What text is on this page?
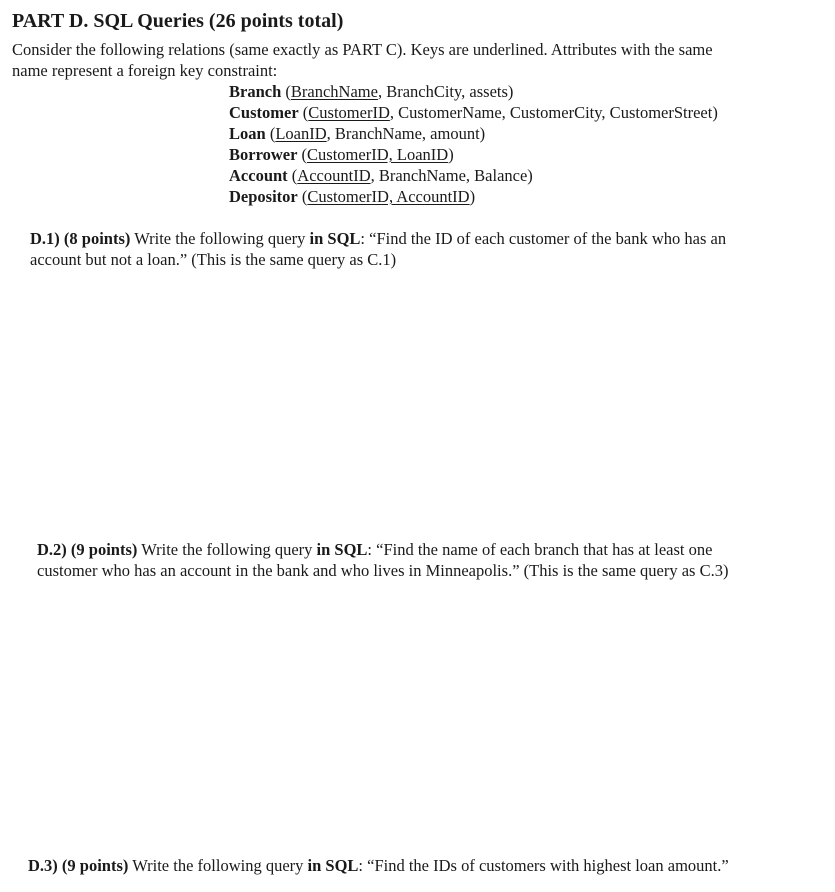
PART D. SQL Queries (26 points total)
Consider the following relations (same exactly as PART C). Keys are underlined. Attributes with the same
name represent a foreign key constraint:
Branch (BranchName, BranchCity, assets)
Customer (CustomerID, CustomerName, CustomerCity, CustomerStreet)
Loan (LoanID, BranchName, amount)
Borrower (CustomerID, LoanID)
Account (AccountID, BranchName, Balance)
Depositor (CustomerID, AccountID)
D.1) (8 points) Write the following query in SQL: “Find the ID of each customer of the bank who has an
account but not a loan.” (This is the same query as C.1)
D.2) (9 points) Write the following query in SQL: “Find the name of each branch that has at least one
customer who has an account in the bank and who lives in Minneapolis.” (This is the same query as C.3)
D.3) (9 points) Write the following query in SQL: “Find the IDs of customers with highest loan amount.”
